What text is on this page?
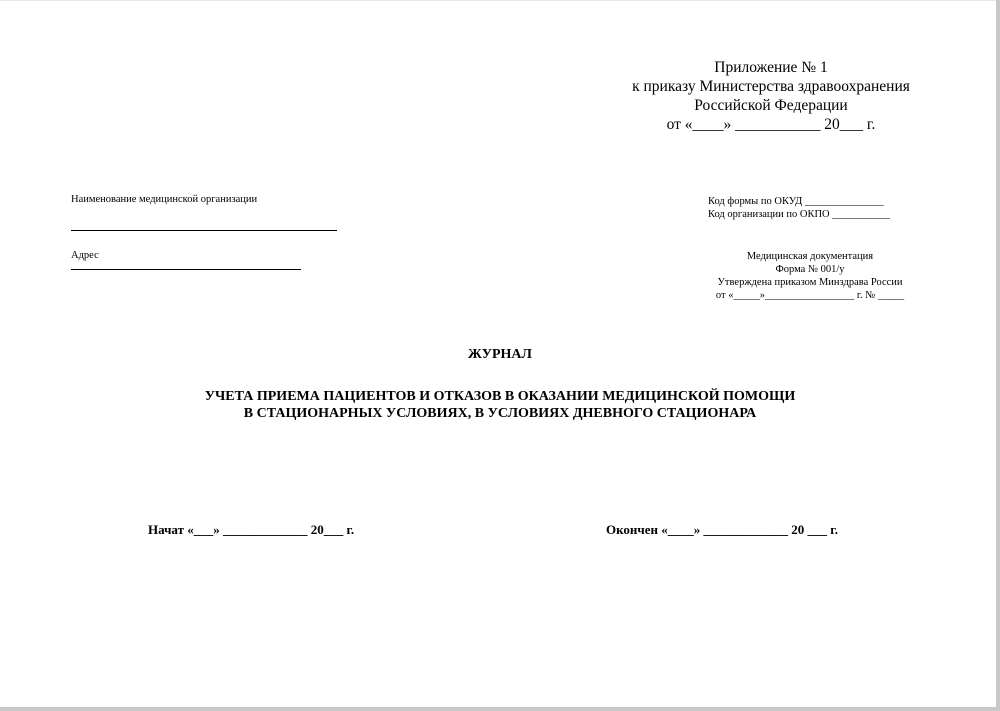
Приложение № 1
к приказу Министерства здравоохранения
Российской Федерации
от «____» ___________ 20___ г.
Наименование медицинской организации
Адрес
Код формы по ОКУД _______________
Код организации по ОКПО ___________
Медицинская документация
Форма № 001/у
Утверждена приказом Минздрава России
от «_____»_________________ г. № _____
ЖУРНАЛ
УЧЕТА ПРИЕМА ПАЦИЕНТОВ И ОТКАЗОВ В ОКАЗАНИИ МЕДИЦИНСКОЙ ПОМОЩИ
В СТАЦИОНАРНЫХ УСЛОВИЯХ, В УСЛОВИЯХ ДНЕВНОГО СТАЦИОНАРА
Начат «___» _____________ 20___ г.	Окончен «____» _____________ 20 ___ г.
